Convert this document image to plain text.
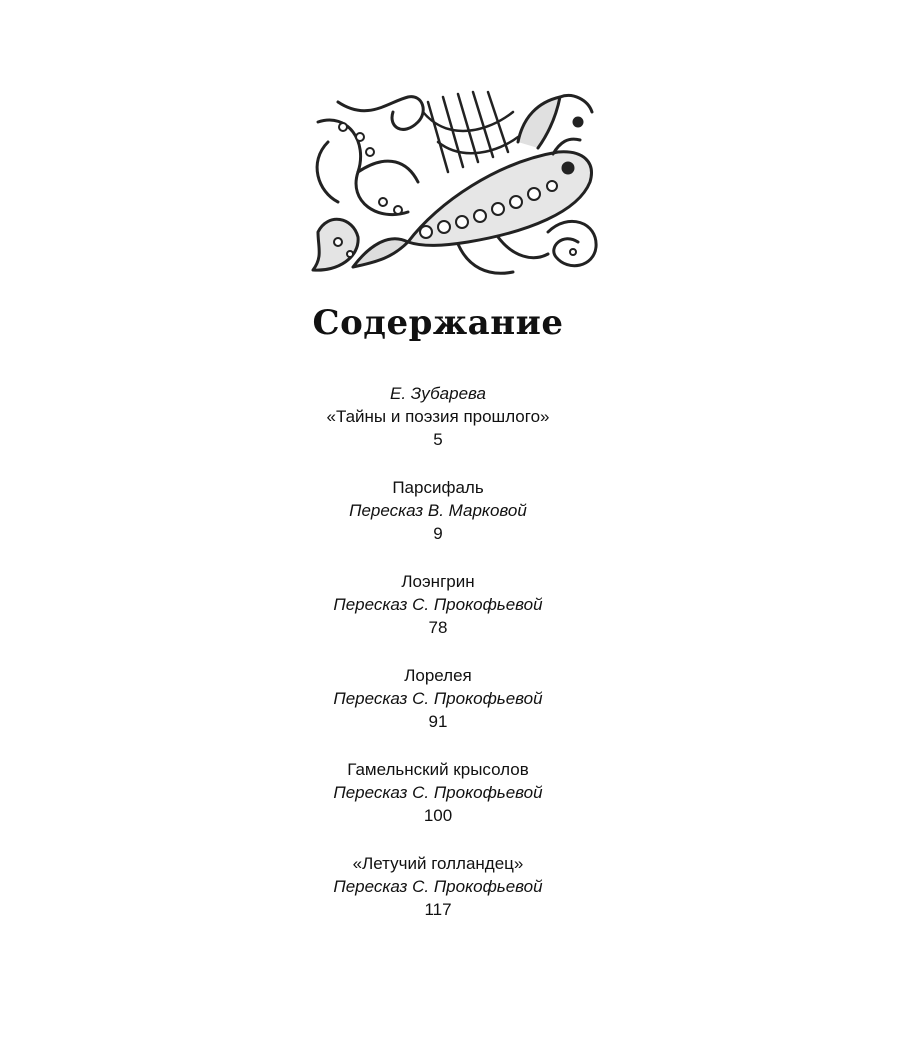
Содержание
Е. Зубарева
«Тайны и поэзия прошлого»
5
Парсифаль
Пересказ В. Марковой
9
Лоэнгрин
Пересказ С. Прокофьевой
78
Лорелея
Пересказ С. Прокофьевой
91
Гамельнский крысолов
Пересказ С. Прокофьевой
100
«Летучий голландец»
Пересказ С. Прокофьевой
117
